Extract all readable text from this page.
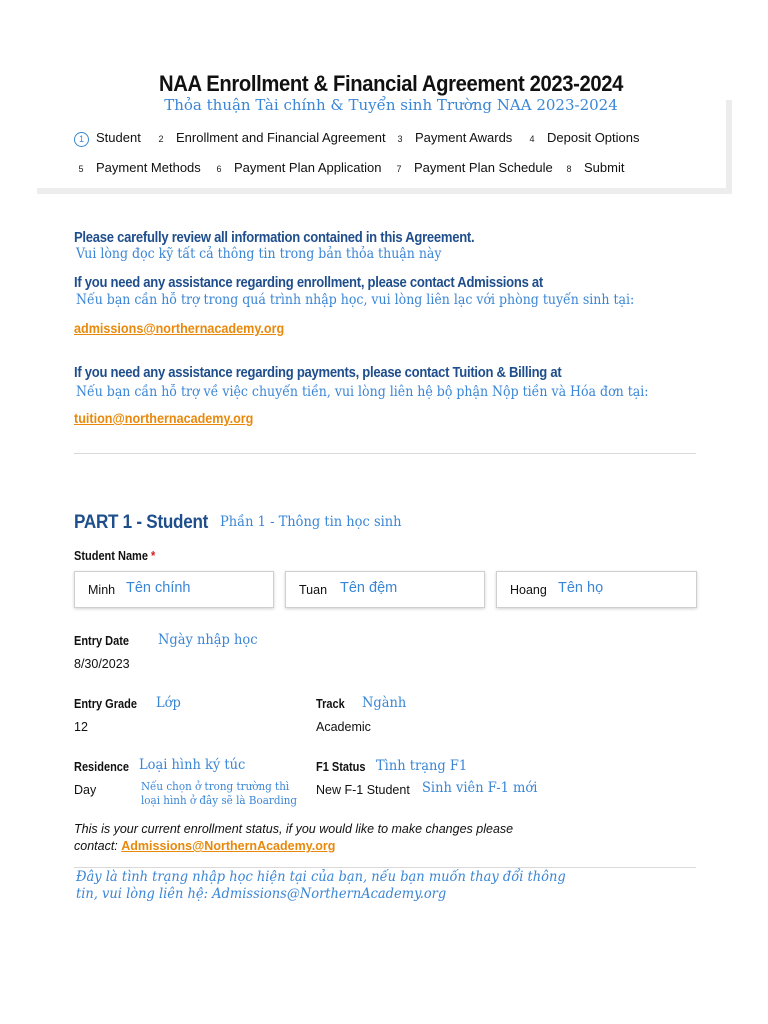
NAA Enrollment & Financial Agreement 2023-2024
Thỏa thuận Tài chính & Tuyển sinh Trường NAA 2023-2024
1 Student	2 Enrollment and Financial Agreement	3 Payment Awards	4 Deposit Options
5 Payment Methods	6 Payment Plan Application	7 Payment Plan Schedule	8 Submit
Please carefully review all information contained in this Agreement.
Vui lòng đọc kỹ tất cả thông tin trong bản thỏa thuận này
If you need any assistance regarding enrollment, please contact Admissions at
Nếu bạn cần hỗ trợ trong quá trình nhập học, vui lòng liên lạc với phòng tuyển sinh tại:
admissions@northernacademy.org
If you need any assistance regarding payments, please contact Tuition & Billing at
Nếu bạn cần hỗ trợ về việc chuyển tiền, vui lòng liên hệ bộ phận Nộp tiền và Hóa đơn tại:
tuition@northernacademy.org
PART 1 - Student Phần 1 - Thông tin học sinh
Student Name *
Minh Tên chính	Tuan Tên đệm	Hoang Tên họ
Entry Date Ngày nhập học
8/30/2023
Entry Grade Lớp
12
Track Ngành
Academic
Residence Loại hình ký túc
Day	Nếu chọn ở trong trường thì
loại hình ở đây sẽ là Boarding
F1 Status Tình trạng F1
New F-1 Student Sinh viên F-1 mới
This is your current enrollment status, if you would like to make changes please
contact: Admissions@NorthernAcademy.org
Đây là tình trạng nhập học hiện tại của bạn, nếu bạn muốn thay đổi thông
tin, vui lòng liên hệ: Admissions@NorthernAcademy.org
